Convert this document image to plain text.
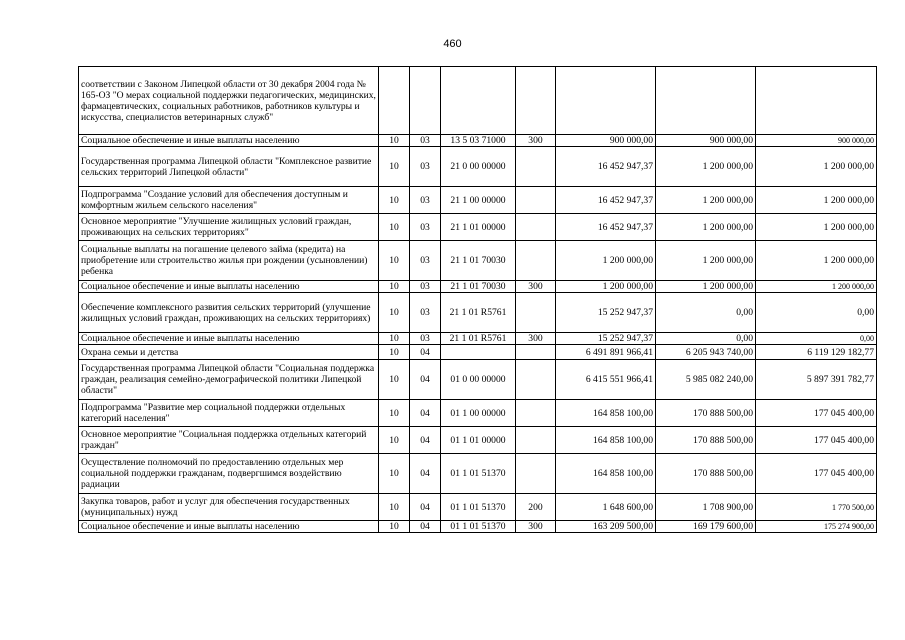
460
соответствии с Законом Липецкой области от 30 декабря 2004 года № 165-ОЗ "О мерах социальной поддержки педагогических, медицинских, фармацевтических, социальных работников, работников культуры и искусства, специалистов ветеринарных служб"							
Социальное обеспечение и иные выплаты населению	10	03	13 5 03 71000	300	900 000,00	900 000,00	900 000,00
Государственная программа Липецкой области "Комплексное развитие сельских территорий Липецкой области"	10	03	21 0 00 00000		16 452 947,37	1 200 000,00	1 200 000,00
Подпрограмма "Создание условий для обеспечения доступным и комфортным жильем сельского населения"	10	03	21 1 00 00000		16 452 947,37	1 200 000,00	1 200 000,00
Основное мероприятие "Улучшение жилищных условий граждан, проживающих на сельских территориях"	10	03	21 1 01 00000		16 452 947,37	1 200 000,00	1 200 000,00
Социальные выплаты на погашение целевого займа (кредита) на приобретение или строительство жилья при рождении (усыновлении) ребенка	10	03	21 1 01 70030		1 200 000,00	1 200 000,00	1 200 000,00
Социальное обеспечение и иные выплаты населению	10	03	21 1 01 70030	300	1 200 000,00	1 200 000,00	1 200 000,00
Обеспечение комплексного развития сельских территорий (улучшение жилищных условий граждан, проживающих на сельских территориях)	10	03	21 1 01 R5761		15 252 947,37	0,00	0,00
Социальное обеспечение и иные выплаты населению	10	03	21 1 01 R5761	300	15 252 947,37	0,00	0,00
Охрана семьи и детства	10	04			6 491 891 966,41	6 205 943 740,00	6 119 129 182,77
Государственная программа Липецкой области "Социальная поддержка граждан, реализация семейно-демографической политики Липецкой области"	10	04	01 0 00 00000		6 415 551 966,41	5 985 082 240,00	5 897 391 782,77
Подпрограмма "Развитие мер социальной поддержки отдельных категорий населения"	10	04	01 1 00 00000		164 858 100,00	170 888 500,00	177 045 400,00
Основное мероприятие "Социальная поддержка отдельных категорий граждан"	10	04	01 1 01 00000		164 858 100,00	170 888 500,00	177 045 400,00
Осуществление полномочий по предоставлению отдельных мер социальной поддержки гражданам, подвергшимся воздействию радиации	10	04	01 1 01 51370		164 858 100,00	170 888 500,00	177 045 400,00
Закупка товаров, работ и услуг для обеспечения государственных (муниципальных) нужд	10	04	01 1 01 51370	200	1 648 600,00	1 708 900,00	1 770 500,00
Социальное обеспечение и иные выплаты населению	10	04	01 1 01 51370	300	163 209 500,00	169 179 600,00	175 274 900,00
